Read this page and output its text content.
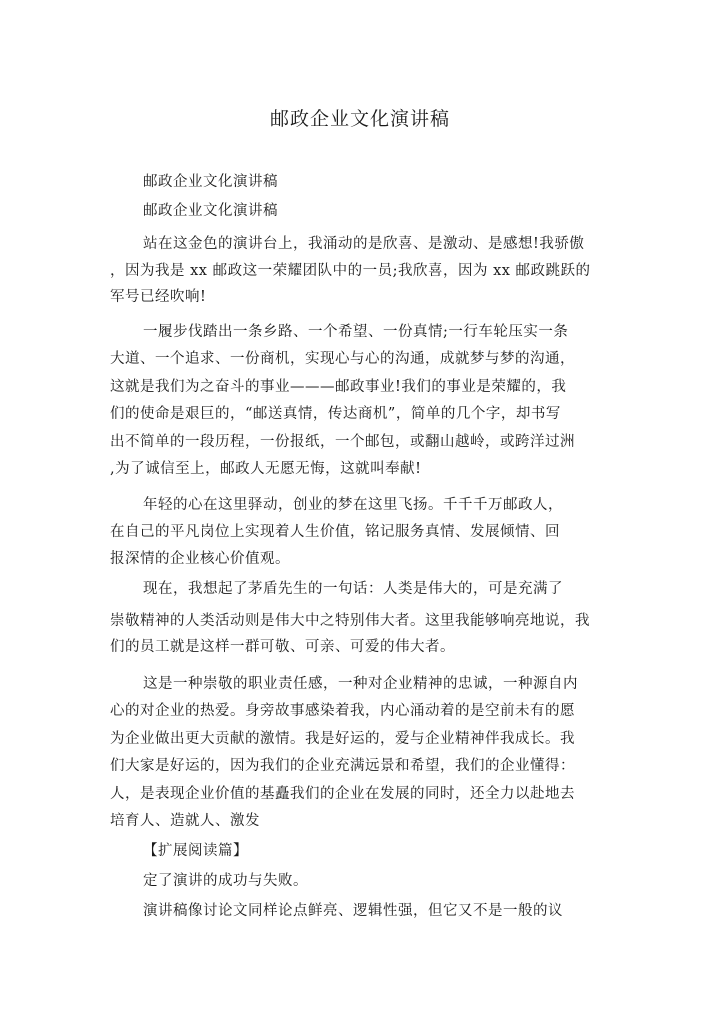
邮政企业文化演讲稿
邮政企业文化演讲稿
邮政企业文化演讲稿
站在这金色的演讲台上，我涌动的是欣喜、是激动、是感想!我骄傲
，因为我是 xx 邮政这一荣耀团队中的一员;我欣喜，因为 xx 邮政跳跃的
军号已经吹响!
一履步伐踏出一条乡路、一个希望、一份真情;一行车轮压实一条
大道、一个追求、一份商机，实现心与心的沟通，成就梦与梦的沟通，
这就是我们为之奋斗的事业———邮政事业!我们的事业是荣耀的，我
们的使命是艰巨的，“邮送真情，传达商机”，简单的几个字，却书写
出不简单的一段历程，一份报纸，一个邮包，或翻山越岭，或跨洋过洲
,为了诚信至上，邮政人无愿无悔，这就叫奉献!
年轻的心在这里驿动，创业的梦在这里飞扬。千千千万邮政人，
在自己的平凡岗位上实现着人生价值，铭记服务真情、发展倾情、回
报深情的企业核心价值观。
现在，我想起了茅盾先生的一句话：人类是伟大的，可是充满了
崇敬精神的人类活动则是伟大中之特别伟大者。这里我能够响亮地说，我
们的员工就是这样一群可敬、可亲、可爱的伟大者。
这是一种崇敬的职业责任感，一种对企业精神的忠诚，一种源自内
心的对企业的热爱。身旁故事感染着我，内心涌动着的是空前未有的愿
为企业做出更大贡献的激情。我是好运的，爱与企业精神伴我成长。我
们大家是好运的，因为我们的企业充满远景和希望，我们的企业懂得：
人，是表现企业价值的基矗我们的企业在发展的同时，还全力以赴地去
培育人、造就人、激发
【扩展阅读篇】
定了演讲的成功与失败。
演讲稿像讨论文同样论点鲜亮、逻辑性强，但它又不是一般的议
